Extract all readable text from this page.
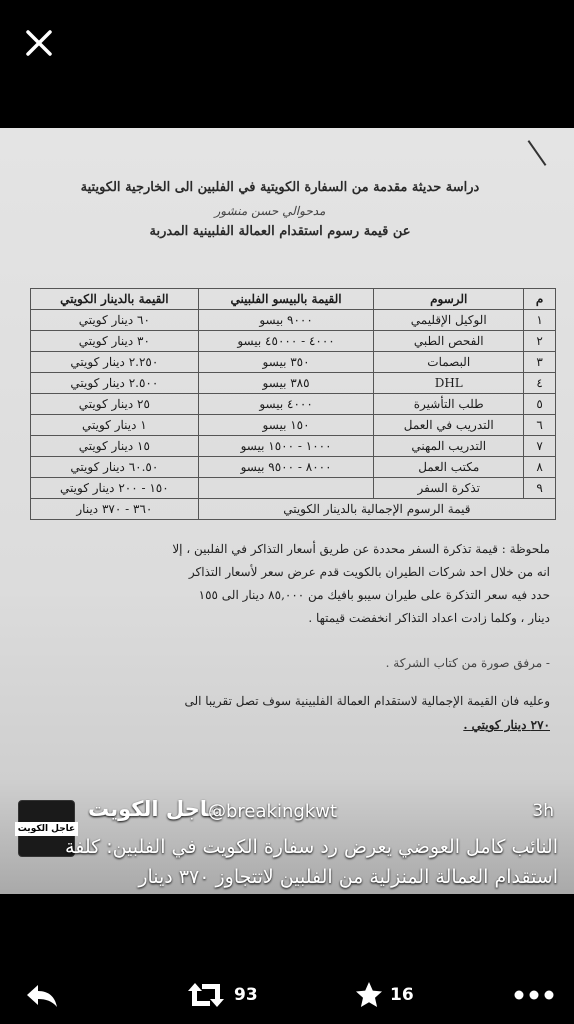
دراسة حديثة مقدمة من السفارة الكويتية في الفلبين الى الخارجية الكويتية
مدحوالي حسن منشور
عن قيمة رسوم استقدام العمالة الفلبينية المدربة
م	الرسوم	القيمة بالبيسو الفلبيني	القيمة بالدينار الكويتي
١	الوكيل الإقليمي	٩٠٠٠ بيسو	٦٠ دينار كويتي
٢	الفحص الطبي	٤٠٠٠ - ٤٥٠٠٠ بيسو	٣٠ دينار كويتي
٣	البصمات	٣٥٠ بيسو	٢.٢٥٠ دينار كويتي
٤	DHL	٣٨٥ بيسو	٢.٥٠٠ دينار كويتي
٥	طلب التأشيرة	٤٠٠٠ بيسو	٢٥ دينار كويتي
٦	التدريب في العمل	١٥٠ بيسو	١ دينار كويتي
٧	التدريب المهني	١٠٠٠ - ١٥٠٠ بيسو	١٥ دينار كويتي
٨	مكتب العمل	٨٠٠٠ - ٩٥٠٠ بيسو	٦٠.٥٠ دينار كويتي
٩	تذكرة السفر		١٥٠ - ٢٠٠ دينار كويتي
قيمة الرسوم الإجمالية بالدينار الكويتي			٣٦٠ - ٣٧٠ دينار
ملحوظة : قيمة تذكرة السفر محددة عن طريق أسعار التذاكر في الفلبين ، إلا
انه من خلال احد شركات الطيران بالكويت قدم عرض سعر لأسعار التذاكر
حدد فيه سعر التذكرة على طيران سيبو بافيك من ٨٥,٠٠٠ دينار الى ١٥٥
دينار ، وكلما زادت اعداد التذاكر انخفضت قيمتها .
- مرفق صورة من كتاب الشركة .
وعليه فان القيمة الإجمالية لاستقدام العمالة الفلبينية سوف تصل تقريبا الى
٢٧٠ دينار كويتي .
عاجل الكويت
عاجل الكويت
@breakingkwt	3h
النائب كامل العوضي يعرض رد سفارة الكويت في الفلبين: كلفة استقدام العمالة المنزلية من الفلبين لاتتجاوز ٣٧٠ دينار
93	16
